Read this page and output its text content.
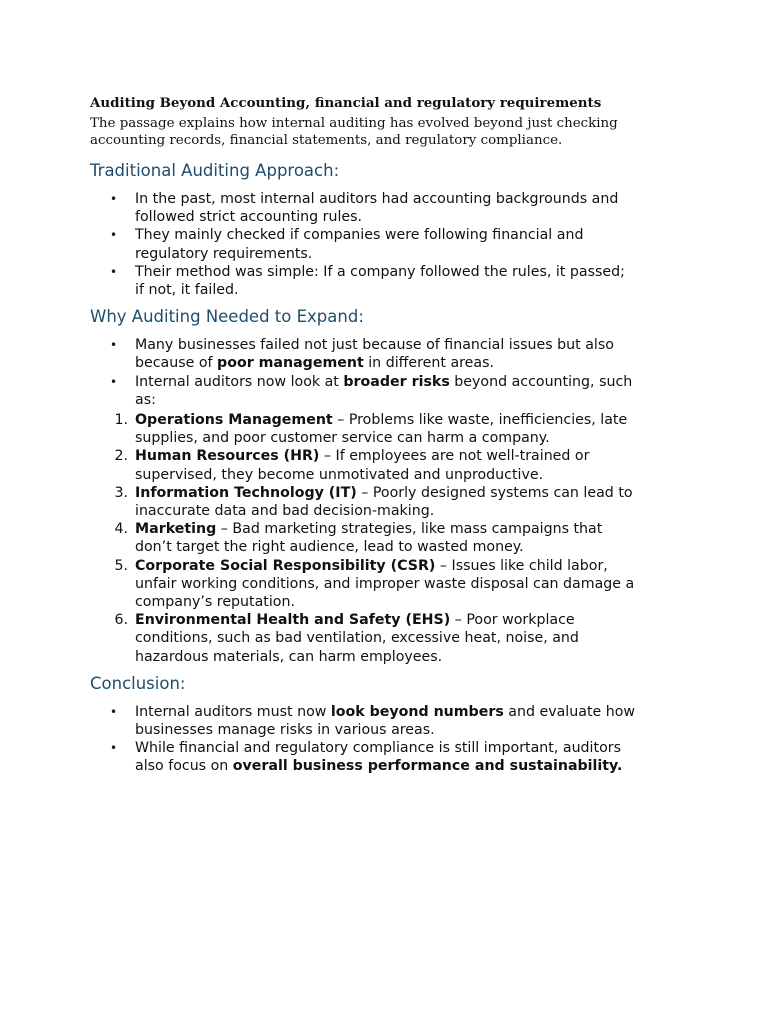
Auditing Beyond Accounting, financial and regulatory requirements

The passage explains how internal auditing has evolved beyond just checking accounting records, financial statements, and regulatory compliance.

Traditional Auditing Approach:
• In the past, most internal auditors had accounting backgrounds and followed strict accounting rules.
• They mainly checked if companies were following financial and regulatory requirements.
• Their method was simple: If a company followed the rules, it passed; if not, it failed.
Why Auditing Needed to Expand:
• Many businesses failed not just because of financial issues but also because of poor management in different areas.
• Internal auditors now look at broader risks beyond accounting, such as:
1. Operations Management – Problems like waste, inefficiencies, late supplies, and poor customer service can harm a company.
2. Human Resources (HR) – If employees are not well-trained or supervised, they become unmotivated and unproductive.
3. Information Technology (IT) – Poorly designed systems can lead to inaccurate data and bad decision-making.
4. Marketing – Bad marketing strategies, like mass campaigns that don’t target the right audience, lead to wasted money.
5. Corporate Social Responsibility (CSR) – Issues like child labor, unfair working conditions, and improper waste disposal can damage a company’s reputation.
6. Environmental Health and Safety (EHS) – Poor workplace conditions, such as bad ventilation, excessive heat, noise, and hazardous materials, can harm employees.
Conclusion:
• Internal auditors must now look beyond numbers and evaluate how businesses manage risks in various areas.
• While financial and regulatory compliance is still important, auditors also focus on overall business performance and sustainability.
